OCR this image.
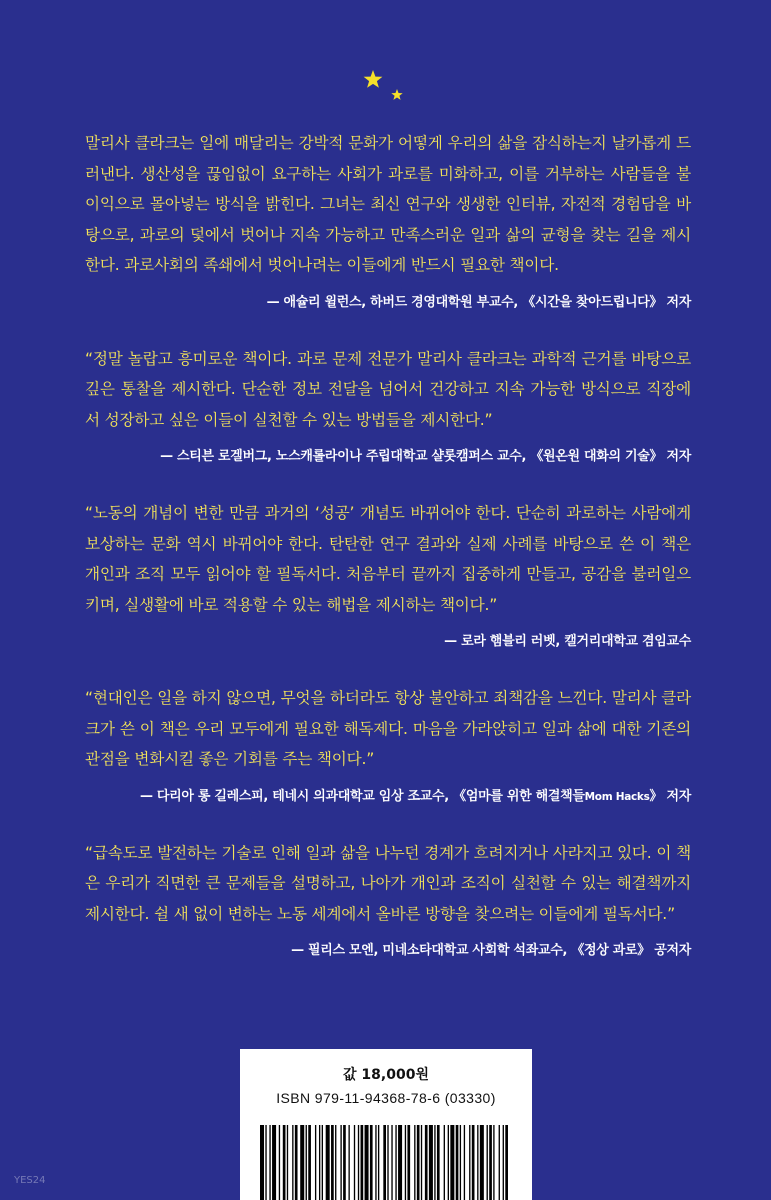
말리사 클라크는 일에 매달리는 강박적 문화가 어떻게 우리의 삶을 잠식하는지 날카롭게 드러낸다. 생산성을 끊임없이 요구하는 사회가 과로를 미화하고, 이를 거부하는 사람들을 불이익으로 몰아넣는 방식을 밝힌다. 그녀는 최신 연구와 생생한 인터뷰, 자전적 경험담을 바탕으로, 과로의 덫에서 벗어나 지속 가능하고 만족스러운 일과 삶의 균형을 찾는 길을 제시한다. 과로사회의 족쇄에서 벗어나려는 이들에게 반드시 필요한 책이다.

— 애슐리 윌런스, 하버드 경영대학원 부교수, 《시간을 찾아드립니다》 저자

“정말 놀랍고 흥미로운 책이다. 과로 문제 전문가 말리사 클라크는 과학적 근거를 바탕으로 깊은 통찰을 제시한다. 단순한 정보 전달을 넘어서 건강하고 지속 가능한 방식으로 직장에서 성장하고 싶은 이들이 실천할 수 있는 방법들을 제시한다.”

— 스티븐 로겔버그, 노스캐롤라이나 주립대학교 샬롯캠퍼스 교수, 《원온원 대화의 기술》 저자

“노동의 개념이 변한 만큼 과거의 ‘성공’ 개념도 바뀌어야 한다. 단순히 과로하는 사람에게 보상하는 문화 역시 바뀌어야 한다. 탄탄한 연구 결과와 실제 사례를 바탕으로 쓴 이 책은 개인과 조직 모두 읽어야 할 필독서다. 처음부터 끝까지 집중하게 만들고, 공감을 불러일으키며, 실생활에 바로 적용할 수 있는 해법을 제시하는 책이다.”

— 로라 햄블리 러벳, 캘거리대학교 겸임교수

“현대인은 일을 하지 않으면, 무엇을 하더라도 항상 불안하고 죄책감을 느낀다. 말리사 클라크가 쓴 이 책은 우리 모두에게 필요한 해독제다. 마음을 가라앉히고 일과 삶에 대한 기존의 관점을 변화시킬 좋은 기회를 주는 책이다.”

— 다리아 롱 길레스피, 테네시 의과대학교 임상 조교수, 《엄마를 위한 해결책들Mom Hacks》 저자

“급속도로 발전하는 기술로 인해 일과 삶을 나누던 경계가 흐려지거나 사라지고 있다. 이 책은 우리가 직면한 큰 문제들을 설명하고, 나아가 개인과 조직이 실천할 수 있는 해결책까지 제시한다. 쉴 새 없이 변하는 노동 세계에서 올바른 방향을 찾으려는 이들에게 필독서다.”

— 필리스 모엔, 미네소타대학교 사회학 석좌교수, 《정상 과로》 공저자

값 18,000원
ISBN 979-11-94368-78-6 (03330)
YES24
